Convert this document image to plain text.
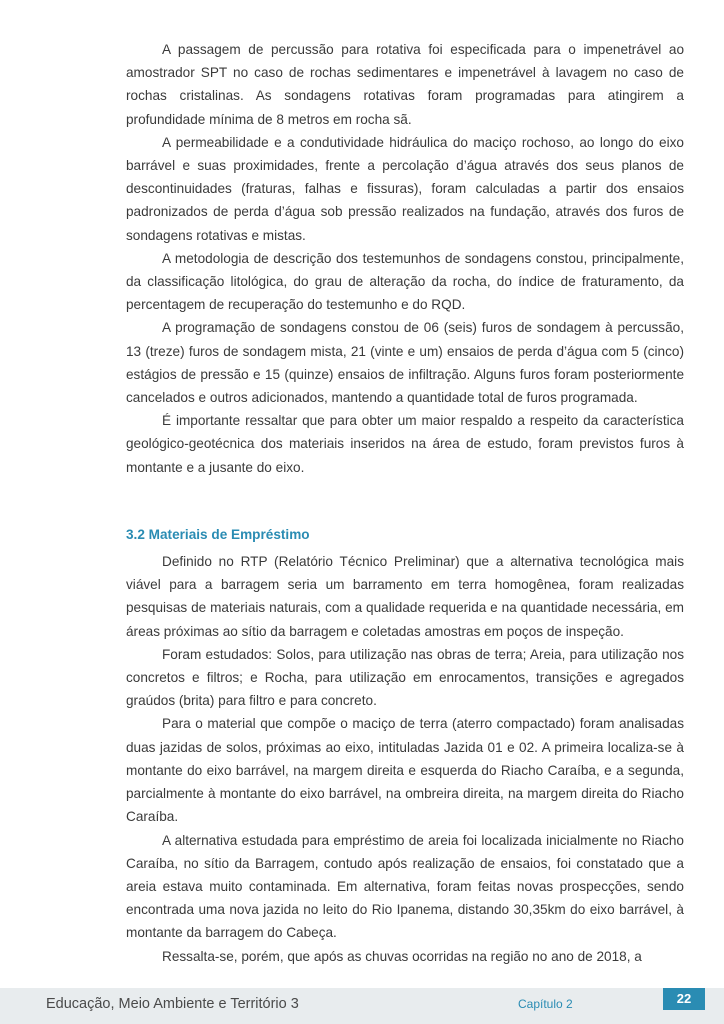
A passagem de percussão para rotativa foi especificada para o impenetrável ao amostrador SPT no caso de rochas sedimentares e impenetrável à lavagem no caso de rochas cristalinas. As sondagens rotativas foram programadas para atingirem a profundidade mínima de 8 metros em rocha sã.

A permeabilidade e a condutividade hidráulica do maciço rochoso, ao longo do eixo barrável e suas proximidades, frente a percolação d’água através dos seus planos de descontinuidades (fraturas, falhas e fissuras), foram calculadas a partir dos ensaios padronizados de perda d’água sob pressão realizados na fundação, através dos furos de sondagens rotativas e mistas.

A metodologia de descrição dos testemunhos de sondagens constou, principalmente, da classificação litológica, do grau de alteração da rocha, do índice de fraturamento, da percentagem de recuperação do testemunho e do RQD.

A programação de sondagens constou de 06 (seis) furos de sondagem à percussão, 13 (treze) furos de sondagem mista, 21 (vinte e um) ensaios de perda d’água com 5 (cinco) estágios de pressão e 15 (quinze) ensaios de infiltração. Alguns furos foram posteriormente cancelados e outros adicionados, mantendo a quantidade total de furos programada.

É importante ressaltar que para obter um maior respaldo a respeito da característica geológico-geotécnica dos materiais inseridos na área de estudo, foram previstos furos à montante e a jusante do eixo.

3.2 Materiais de Empréstimo

Definido no RTP (Relatório Técnico Preliminar) que a alternativa tecnológica mais viável para a barragem seria um barramento em terra homogênea, foram realizadas pesquisas de materiais naturais, com a qualidade requerida e na quantidade necessária, em áreas próximas ao sítio da barragem e coletadas amostras em poços de inspeção.

Foram estudados: Solos, para utilização nas obras de terra; Areia, para utilização nos concretos e filtros; e Rocha, para utilização em enrocamentos, transições e agregados graúdos (brita) para filtro e para concreto.

Para o material que compõe o maciço de terra (aterro compactado) foram analisadas duas jazidas de solos, próximas ao eixo, intituladas Jazida 01 e 02. A primeira localiza-se à montante do eixo barrável, na margem direita e esquerda do Riacho Caraíba, e a segunda, parcialmente à montante do eixo barrável, na ombreira direita, na margem direita do Riacho Caraíba.

A alternativa estudada para empréstimo de areia foi localizada inicialmente no Riacho Caraíba, no sítio da Barragem, contudo após realização de ensaios, foi constatado que a areia estava muito contaminada. Em alternativa, foram feitas novas prospecções, sendo encontrada uma nova jazida no leito do Rio Ipanema, distando 30,35km do eixo barrável, à montante da barragem do Cabeça.

Ressalta-se, porém, que após as chuvas ocorridas na região no ano de 2018, a

Educação, Meio Ambiente e Território 3	Capítulo 2	22
